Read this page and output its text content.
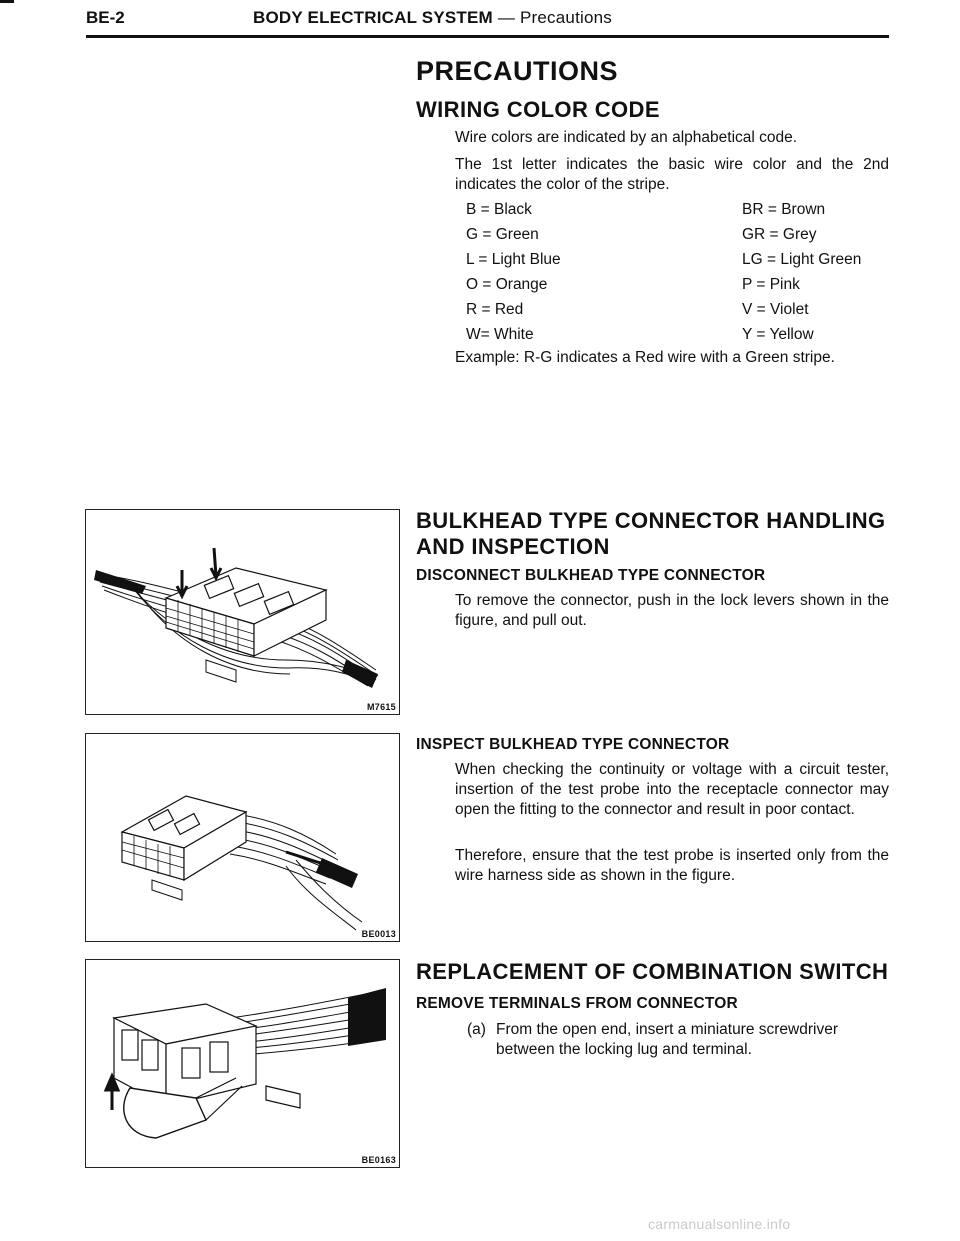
BE-2	BODY ELECTRICAL SYSTEM — Precautions
PRECAUTIONS
WIRING COLOR CODE
Wire colors are indicated by an alphabetical code.
The 1st letter indicates the basic wire color and the 2nd indicates the color of the stripe.
B = Black	BR = Brown
G = Green	GR = Grey
L = Light Blue	LG = Light Green
O = Orange	P = Pink
R = Red	V = Violet
W= White	Y = Yellow
Example: R-G indicates a Red wire with a Green stripe.
BULKHEAD TYPE CONNECTOR HANDLING AND INSPECTION
DISCONNECT BULKHEAD TYPE CONNECTOR
To remove the connector, push in the lock levers shown in the figure, and pull out.
INSPECT BULKHEAD TYPE CONNECTOR
When checking the continuity or voltage with a circuit tester, insertion of the test probe into the receptacle connector may open the fitting to the connector and result in poor contact.
Therefore, ensure that the test probe is inserted only from the wire harness side as shown in the figure.
REPLACEMENT OF COMBINATION SWITCH
REMOVE TERMINALS FROM CONNECTOR
(a) From the open end, insert a miniature screwdriver between the locking lug and terminal.
M7615
BE0013
BE0163
carmanualsonline.info
